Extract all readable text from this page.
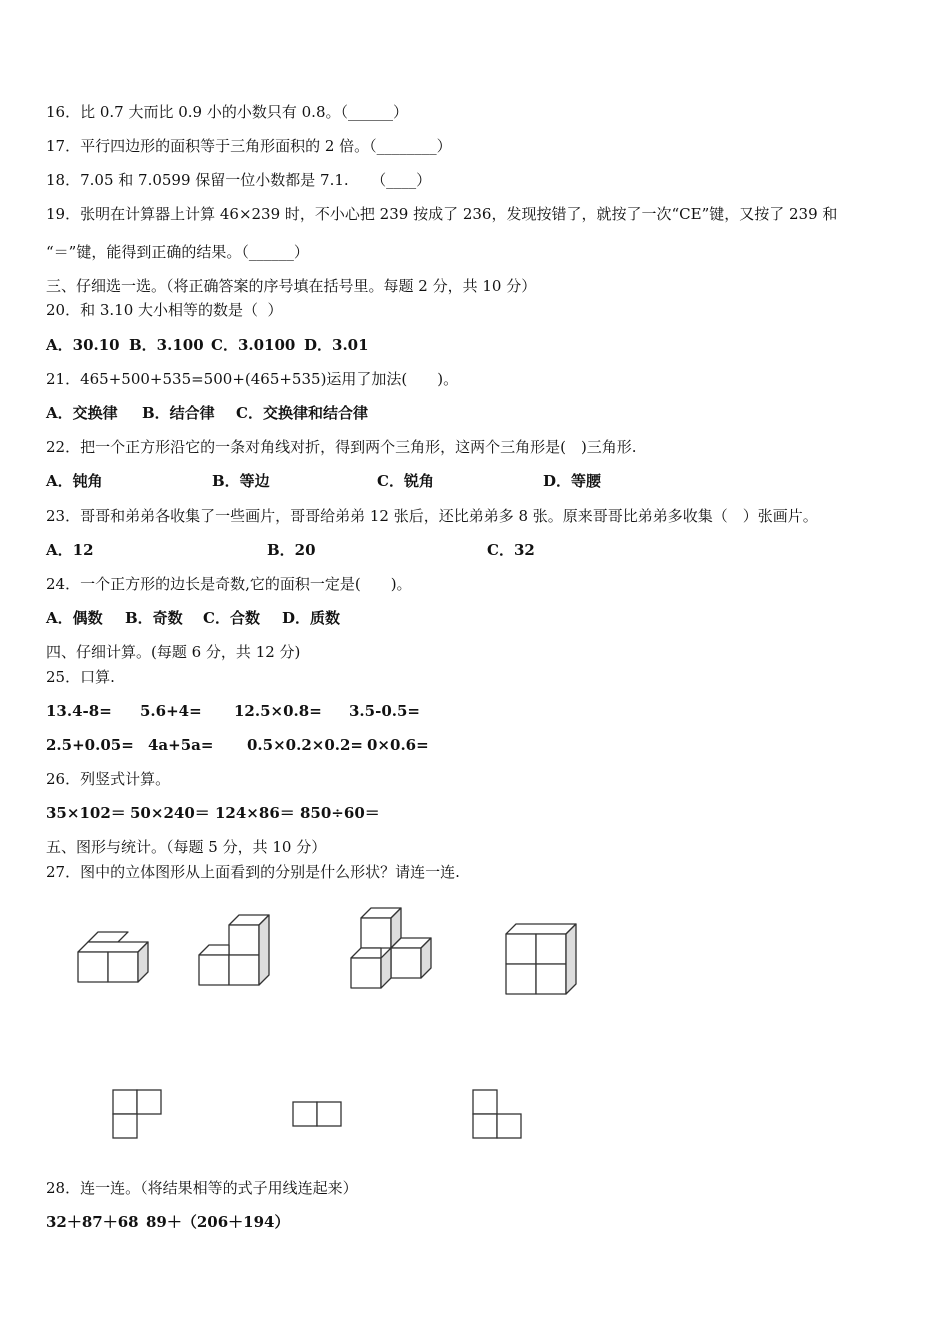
16．比 0.7 大而比 0.9 小的小数只有 0.8。（______）
17．平行四边形的面积等于三角形面积的 2 倍。（________）
18．7.05 和 7.0599 保留一位小数都是 7.1.　　（____）
19．张明在计算器上计算 46×239 时，不小心把 239 按成了 236，发现按错了，就按了一次“CE”键，又按了 239 和
“＝”键，能得到正确的结果。（______）
三、仔细选一选。（将正确答案的序号填在括号里。每题 2 分，共 10 分）
20．和 3.10 大小相等的数是（  ）
A．30.10 B．3.100 C．3.0100 D．3.01
21．465+500+535=500+(465+535)运用了加法(　　)。
A．交换律 B．结合律 C．交换律和结合律
22．把一个正方形沿它的一条对角线对折，得到两个三角形，这两个三角形是(　)三角形.
A．钝角	B．等边	C．锐角	D．等腰
23．哥哥和弟弟各收集了一些画片，哥哥给弟弟 12 张后，还比弟弟多 8 张。原来哥哥比弟弟多收集（　）张画片。
A．12	B．20	C．32
24．一个正方形的边长是奇数,它的面积一定是(　　)。
A．偶数 B．奇数 C．合数 D．质数
四、仔细计算。(每题 6 分，共 12 分)
25．口算.
13.4-8= 5.6+4= 12.5×0.8= 3.5-0.5=
2.5+0.05= 4a+5a= 0.5×0.2×0.2= 0×0.6=
26．列竖式计算。
35×102＝ 50×240＝ 124×86＝ 850÷60＝
五、图形与统计。（每题 5 分，共 10 分）
27．图中的立体图形从上面看到的分别是什么形状？请连一连.
28．连一连。（将结果相等的式子用线连起来）
32＋87＋68 89＋（206＋194）
